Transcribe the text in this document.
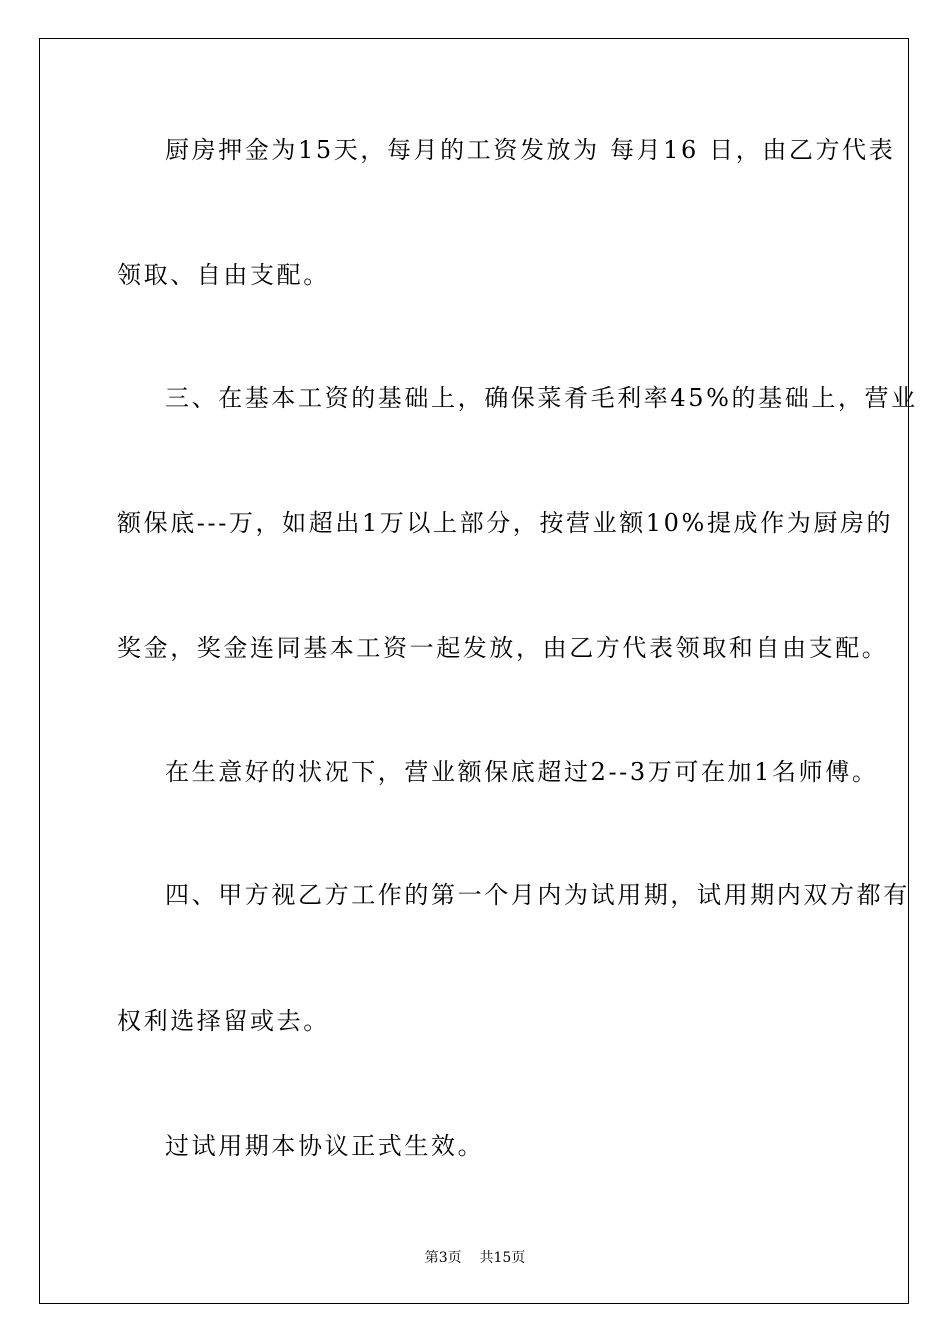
厨房押金为15天，每月的工资发放为 每月16 日，由乙方代表
领取、自由支配。
三、在基本工资的基础上，确保菜肴毛利率45%的基础上，营业
额保底---万，如超出1万以上部分，按营业额10%提成作为厨房的
奖金，奖金连同基本工资一起发放，由乙方代表领取和自由支配。
在生意好的状况下，营业额保底超过2--3万可在加1名师傅。
四、甲方视乙方工作的第一个月内为试用期，试用期内双方都有
权利选择留或去。
过试用期本协议正式生效。
第3页 共15页
